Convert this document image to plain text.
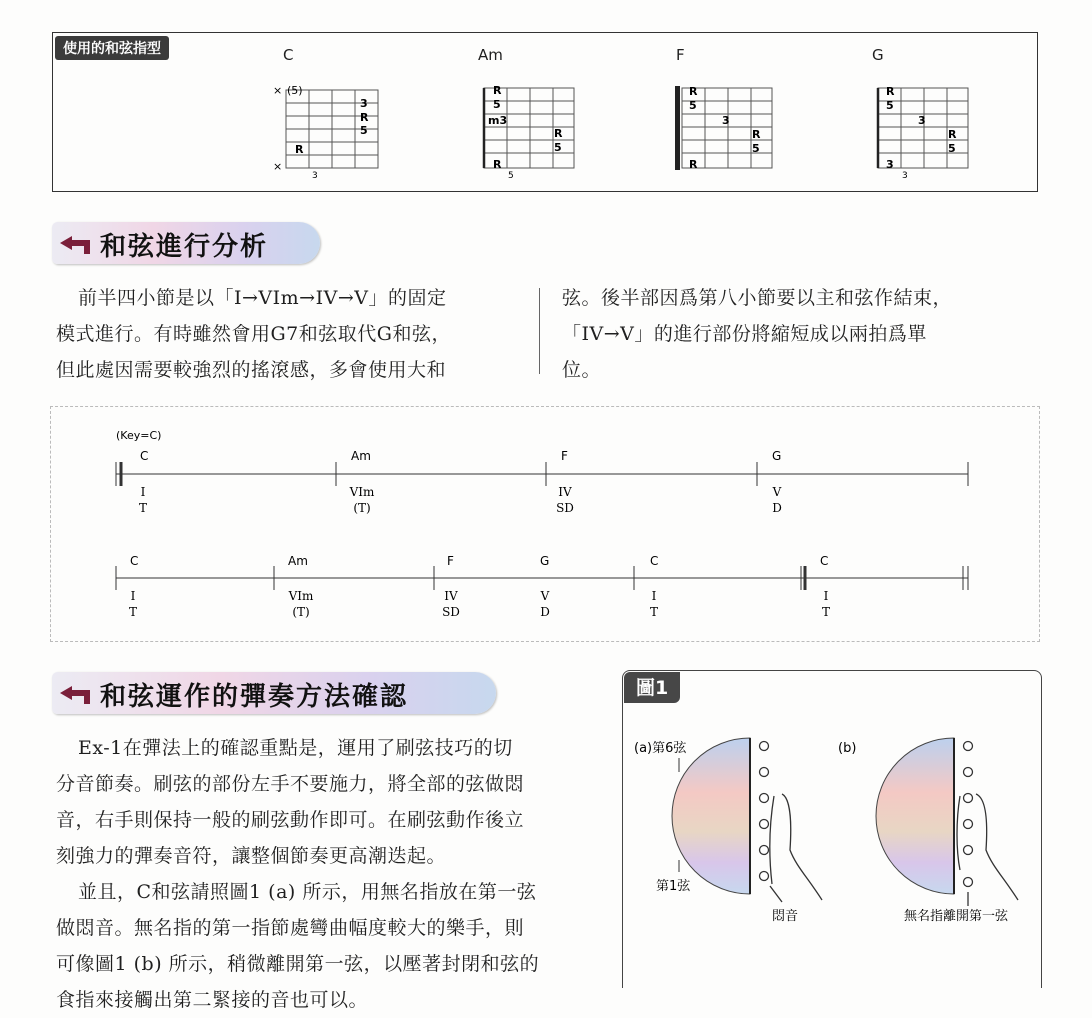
使用的和弦指型	C	Am	F	G
× (5)
3
R
5
R
×
3
R
5
m3
R
5
R
5
R
5
3
R
5
R
R
5
3
R
5
3
3
和弦進行分析
前半四小節是以「I→VIm→IV→V」的固定
模式進行。有時雖然會用G7和弦取代G和弦，
但此處因需要較強烈的搖滾感，多會使用大和
弦。後半部因爲第八小節要以主和弦作結束，
「IV→V」的進行部份將縮短成以兩拍爲單
位。
(Key=C)
C	Am	F	G
I
T
VIm
(T)
IV
SD
V
D
C	Am	F	G	C	C
I
T
VIm
(T)
IV
SD
V
D
I
T
I
T
和弦運作的彈奏方法確認
Ex-1在彈法上的確認重點是，運用了刷弦技巧的切
分音節奏。刷弦的部份左手不要施力，將全部的弦做悶
音，右手則保持一般的刷弦動作即可。在刷弦動作後立
刻強力的彈奏音符，讓整個節奏更高潮迭起。
並且，C和弦請照圖1 (a) 所示，用無名指放在第一弦
做悶音。無名指的第一指節處彎曲幅度較大的樂手，則
可像圖1 (b) 所示，稍微離開第一弦，以壓著封閉和弦的
食指來接觸出第二緊接的音也可以。
圖1
(a)第6弦
第1弦
悶音
(b)
無名指離開第一弦
